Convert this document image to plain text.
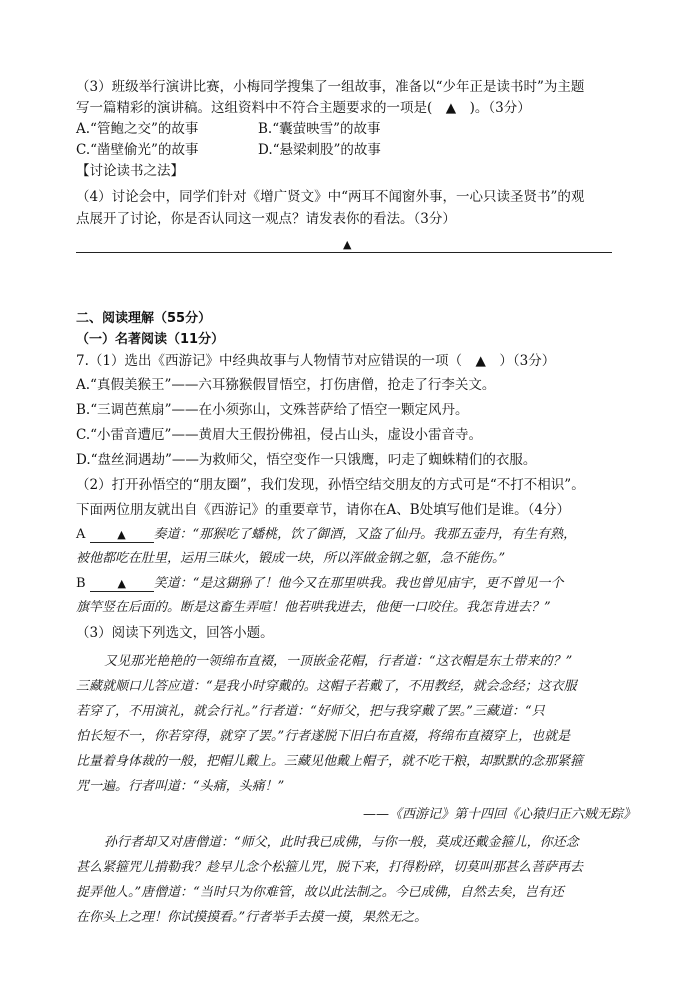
（3）班级举行演讲比赛，小梅同学搜集了一组故事，准备以“少年正是读书时”为主题
写一篇精彩的演讲稿。这组资料中不符合主题要求的一项是(　▲　)。（3分）
A.“管鲍之交”的故事	B.“囊萤映雪”的故事
C.“凿壁偷光”的故事	D.“悬梁刺股”的故事
【讨论读书之法】
（4）讨论会中，同学们针对《增广贤文》中“两耳不闻窗外事，一心只读圣贤书”的观
点展开了讨论，你是否认同这一观点？请发表你的看法。（3分）
▲
二、阅读理解（55分）
（一）名著阅读（11分）
7.（1）选出《西游记》中经典故事与人物情节对应错误的一项（　▲　）（3分）
A.“真假美猴王”——六耳猕猴假冒悟空，打伤唐僧，抢走了行李关文。
B.“三调芭蕉扇”——在小须弥山，文殊菩萨给了悟空一颗定风丹。
C.“小雷音遭厄”——黄眉大王假扮佛祖，侵占山头，虚设小雷音寺。
D.“盘丝洞遇劫”——为救师父，悟空变作一只饿鹰，叼走了蜘蛛精们的衣服。
（2）打开孙悟空的“朋友圈”，我们发现，孙悟空结交朋友的方式可是“不打不相识”。
下面两位朋友就出自《西游记》的重要章节，请你在A、B处填写他们是谁。（4分）
A	▲ 奏道：“那猴吃了蟠桃，饮了御酒，又盗了仙丹。我那五壶丹，有生有熟，
被他都吃在肚里，运用三昧火，锻成一块，所以浑做金钢之躯，急不能伤。”
B	▲ 笑道：“是这猢狲了！他今又在那里哄我。我也曾见庙宇，更不曾见一个
旗竿竖在后面的。断是这畜生弄喧！他若哄我进去，他便一口咬住。我怎肯进去？”
（3）阅读下列选文，回答小题。
又见那光艳艳的一领绵布直裰，一顶嵌金花帽，行者道：“这衣帽是东土带来的？”
三藏就顺口儿答应道：“是我小时穿戴的。这帽子若戴了，不用教经，就会念经；这衣服
若穿了，不用演礼，就会行礼。”行者道：“好师父，把与我穿戴了罢。”三藏道：“只
怕长短不一，你若穿得，就穿了罢。”行者遂脱下旧白布直裰，将绵布直裰穿上，也就是
比量着身体裁的一般，把帽儿戴上。三藏见他戴上帽子，就不吃干粮，却默默的念那紧箍
咒一遍。行者叫道：“头痛，头痛！”
——《西游记》第十四回《心猿归正六贼无踪》
孙行者却又对唐僧道：“师父，此时我已成佛，与你一般，莫成还戴金箍儿，你还念
甚么紧箍咒儿掯勒我？趁早儿念个松箍儿咒，脱下来，打得粉碎，切莫叫那甚么菩萨再去
捉弄他人。”唐僧道：“当时只为你难管，故以此法制之。今已成佛，自然去矣，岂有还
在你头上之理！你试摸摸看。”行者举手去摸一摸，果然无之。
